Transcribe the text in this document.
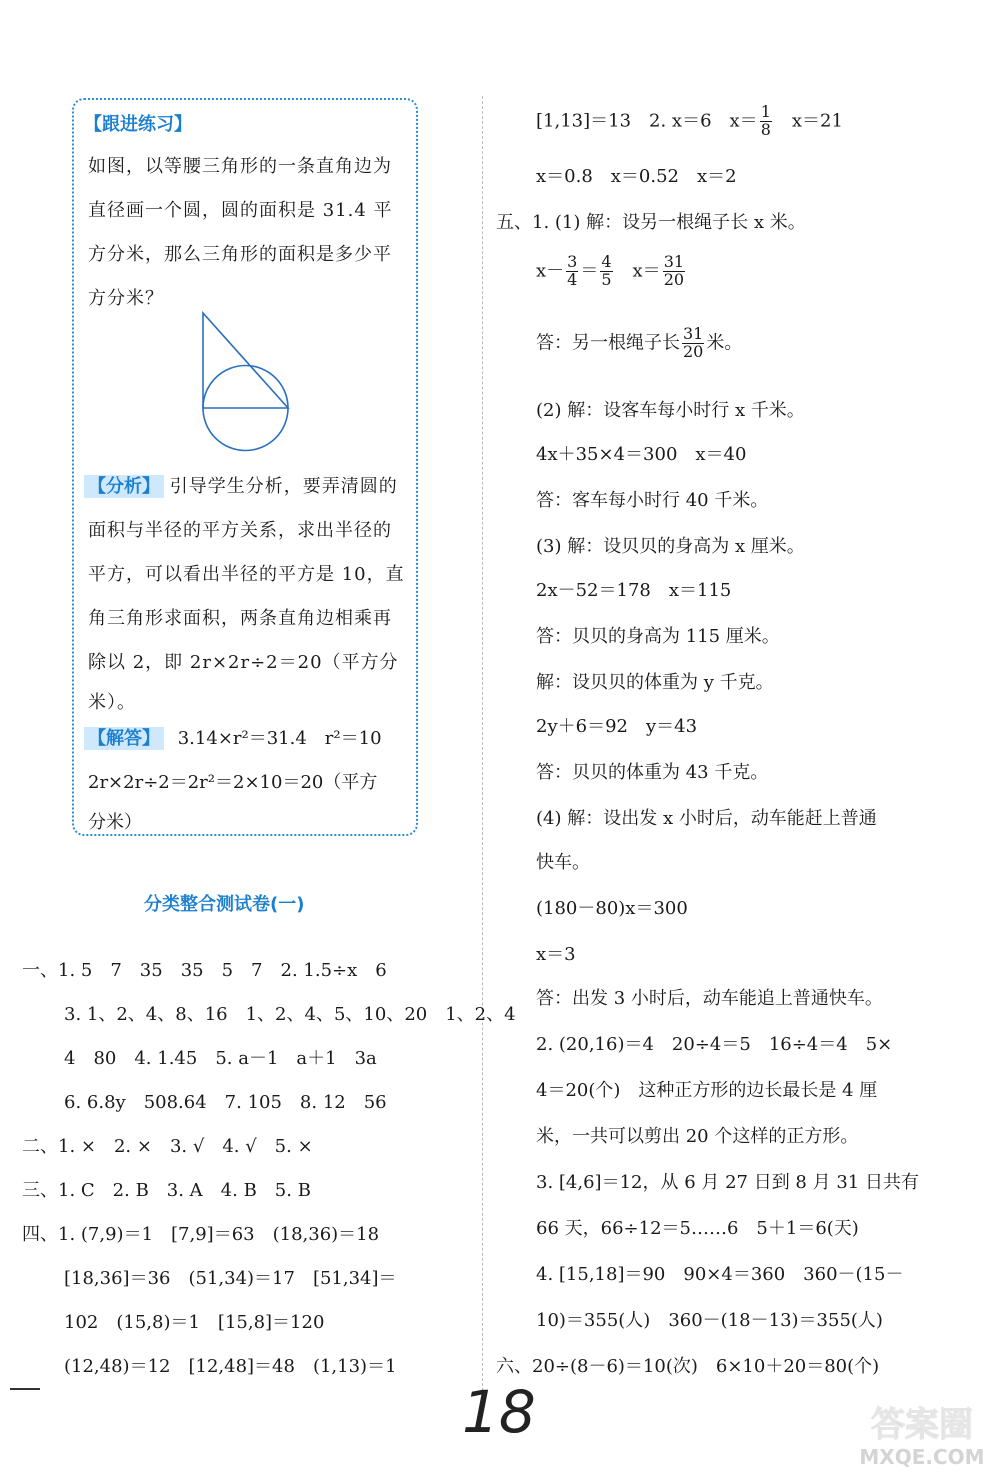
【跟进练习】
如图，以等腰三角形的一条直角边为
直径画一个圆，圆的面积是 31.4 平
方分米，那么三角形的面积是多少平
方分米？
【分析】 引导学生分析，要弄清圆的
面积与半径的平方关系，求出半径的
平方，可以看出半径的平方是 10，直
角三角形求面积，两条直角边相乘再
除以 2，即 2r×2r÷2＝20（平方分
米）。
【解答】 3.14×r²＝31.4　r²＝10
2r×2r÷2＝2r²＝2×10＝20（平方
分米）
分类整合测试卷(一)
一、1. 5　7　35　35　5　7　2. 1.5÷x　6
3. 1、2、4、8、16　1、2、4、5、10、20　1、2、4
4　80　4. 1.45　5. a－1　a＋1　3a
6. 6.8y　508.64　7. 105　8. 12　56
二、1. ×　2. ×　3. √　4. √　5. ×
三、1. C　2. B　3. A　4. B　5. B
四、1. (7,9)＝1　[7,9]＝63　(18,36)＝18
[18,36]＝36　(51,34)＝17　[51,34]＝
102　(15,8)＝1　[15,8]＝120
(12,48)＝12　[12,48]＝48　(1,13)＝1
[1,13]＝13　2. x＝6　$x= \frac{1}{8}$
　 x＝21
x＝0.8　x＝0.52　x＝2
五、1. (1) 解：设另一根绳子长 x 米。
$x- \frac{3}{4} = \frac{4}{5}$
　 $x= \frac{31}{20}$
答：另一根绳子长 $\frac{31}{20}$ 米。
(2) 解：设客车每小时行 x 千米。
4x＋35×4＝300　x＝40
答：客车每小时行 40 千米。
(3) 解：设贝贝的身高为 x 厘米。
2x－52＝178　x＝115
答：贝贝的身高为 115 厘米。
解：设贝贝的体重为 y 千克。
2y＋6＝92　y＝43
答：贝贝的体重为 43 千克。
(4) 解：设出发 x 小时后，动车能赶上普通
快车。
(180－80)x＝300
x＝3
答：出发 3 小时后，动车能追上普通快车。
2. (20,16)＝4　20÷4＝5　16÷4＝4　5×
4＝20(个)　这种正方形的边长最长是 4 厘
米，一共可以剪出 20 个这样的正方形。
3. [4,6]＝12，从 6 月 27 日到 8 月 31 日共有
66 天，66÷12＝5……6　5＋1＝6(天)
4. [15,18]＝90　90×4＝360　360－(15－
10)＝355(人)　360－(18－13)＝355(人)
六、20÷(8－6)＝10(次)　6×10＋20＝80(个)
18	答案圈
MXQE.COM
